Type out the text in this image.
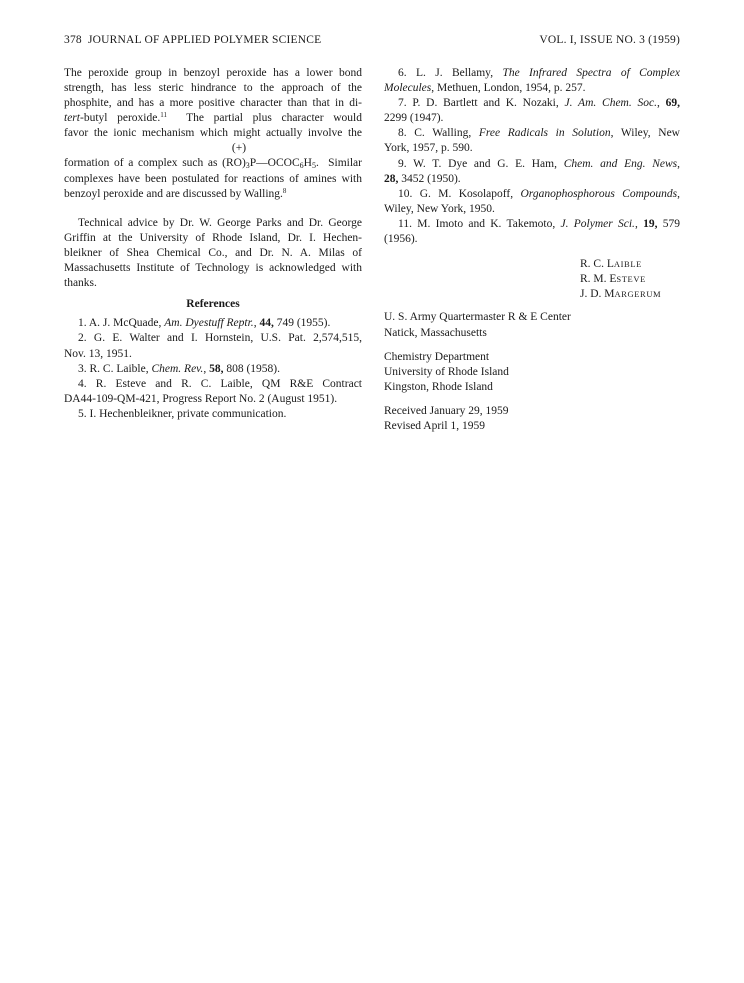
378  JOURNAL OF APPLIED POLYMER SCIENCE	VOL. I, ISSUE NO. 3 (1959)
The peroxide group in benzoyl peroxide has a lower bond
strength, has less steric hindrance to the approach of the
phosphite, and has a more positive character than that in di-
tert-butyl peroxide.$^{11}$  The partial plus character would
favor the ionic mechanism which might actually involve the
(+)
formation of a complex such as $(RO)_3P—OCOC_6H_5$.  Similar
complexes have been postulated for reactions of amines with
benzoyl peroxide and are discussed by Walling.$^8$
Technical advice by Dr. W. George Parks and Dr. George
Griffin at the University of Rhode Island, Dr. I. Hechen-
bleikner of Shea Chemical Co., and Dr. N. A. Milas of
Massachusetts Institute of Technology is acknowledged with
thanks.
References
1. A. J. McQuade, Am. Dyestuff Reptr., 44, 749 (1955).
2. G. E. Walter and I. Hornstein, U.S. Pat. 2,574,515,
Nov. 13, 1951.
3. R. C. Laible, Chem. Rev., 58, 808 (1958).
4. R. Esteve and R. C. Laible, QM R&E Contract
DA44-109-QM-421, Progress Report No. 2 (August 1951).
5. I. Hechenbleikner, private communication.
6. L. J. Bellamy, The Infrared Spectra of Complex
Molecules, Methuen, London, 1954, p. 257.
7. P. D. Bartlett and K. Nozaki, J. Am. Chem. Soc., 69,
2299 (1947).
8. C. Walling, Free Radicals in Solution, Wiley, New
York, 1957, p. 590.
9. W. T. Dye and G. E. Ham, Chem. and Eng. News,
28, 3452 (1950).
10. G. M. Kosolapoff, Organophosphorous Compounds,
Wiley, New York, 1950.
11. M. Imoto and K. Takemoto, J. Polymer Sci., 19, 579
(1956).
R. C. LAIBLE
R. M. ESTEVE
J. D. MARGERUM
U. S. Army Quartermaster R & E Center
Natick, Massachusetts
Chemistry Department
University of Rhode Island
Kingston, Rhode Island
Received January 29, 1959
Revised April 1, 1959
